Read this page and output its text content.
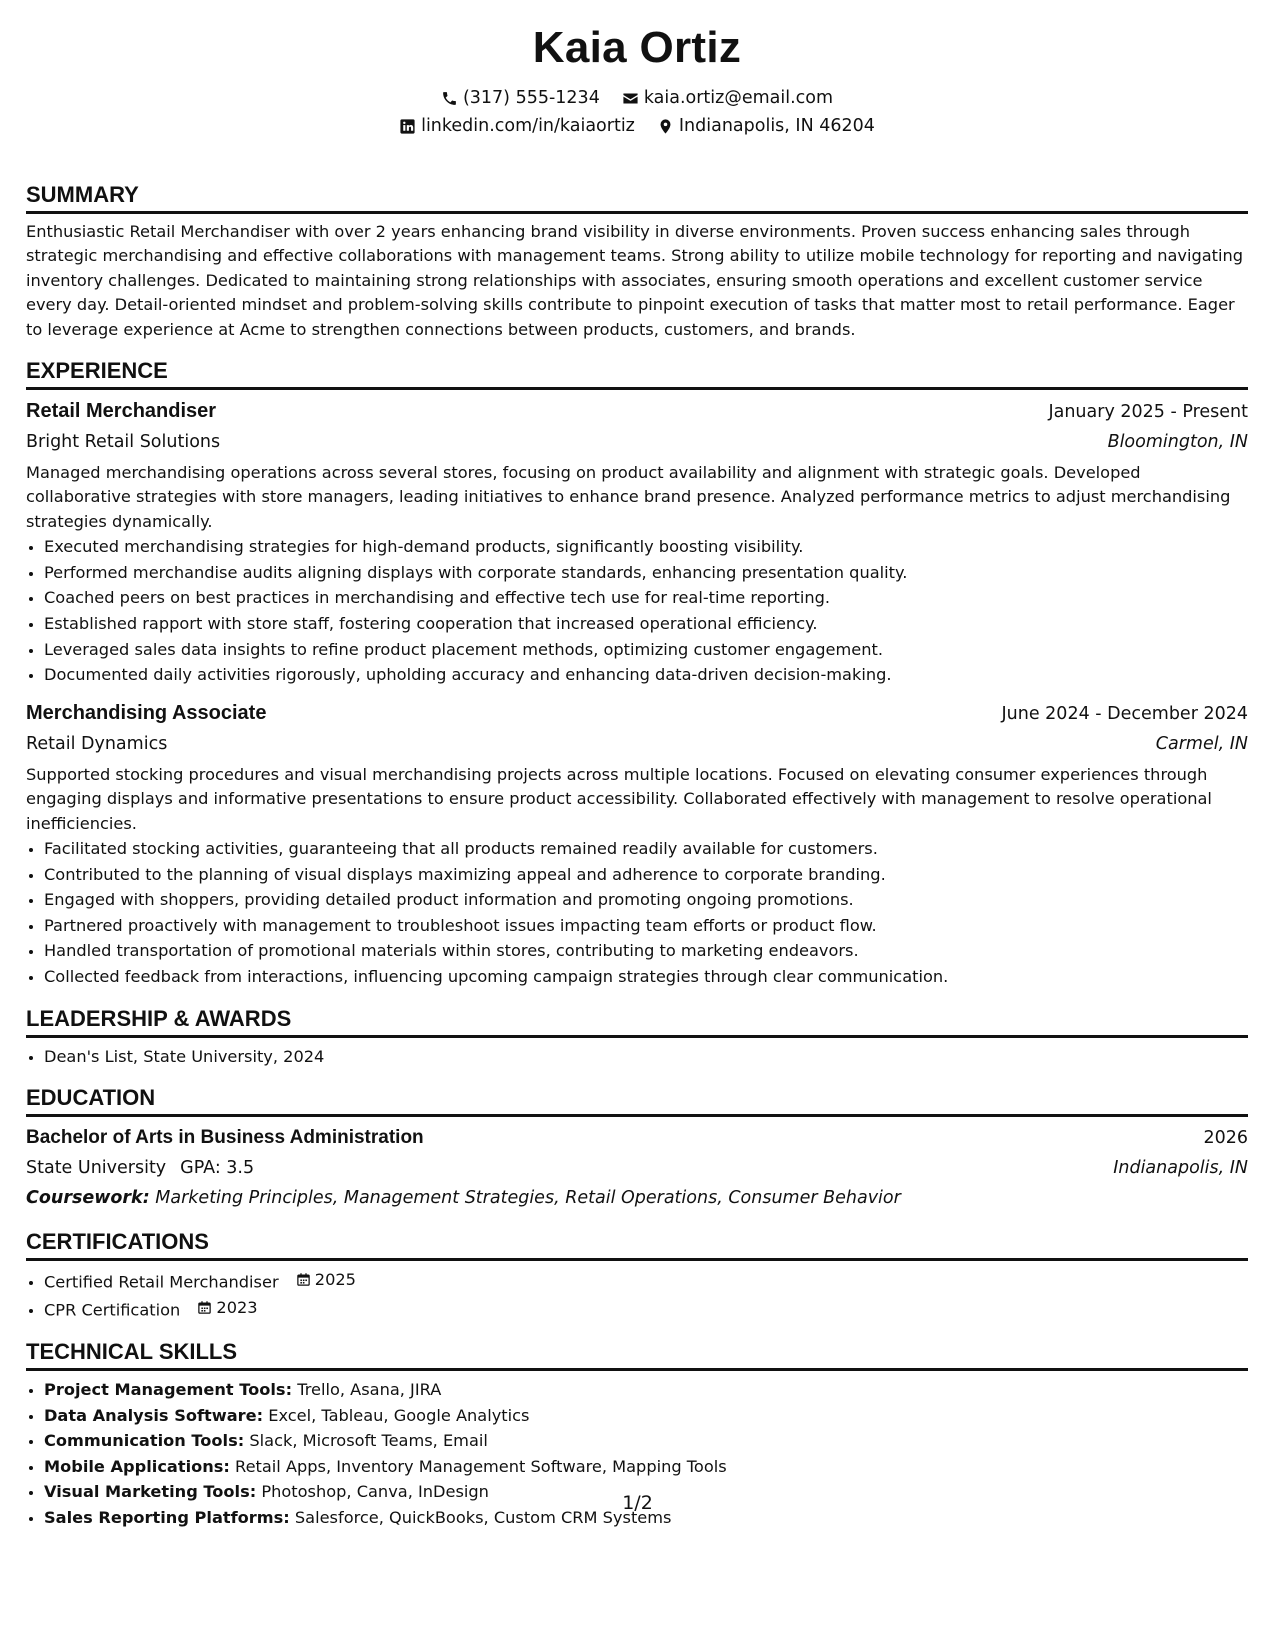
Kaia Ortiz
(317) 555-1234	kaia.ortiz@email.com
linkedin.com/in/kaiaortiz	Indianapolis, IN 46204
SUMMARY
Enthusiastic Retail Merchandiser with over 2 years enhancing brand visibility in diverse environments. Proven success enhancing sales through strategic merchandising and effective collaborations with management teams. Strong ability to utilize mobile technology for reporting and navigating inventory challenges. Dedicated to maintaining strong relationships with associates, ensuring smooth operations and excellent customer service every day. Detail-oriented mindset and problem-solving skills contribute to pinpoint execution of tasks that matter most to retail performance. Eager to leverage experience at Acme to strengthen connections between products, customers, and brands.
EXPERIENCE
Retail Merchandiser	January 2025 - Present
Bright Retail Solutions	Bloomington, IN
Managed merchandising operations across several stores, focusing on product availability and alignment with strategic goals. Developed collaborative strategies with store managers, leading initiatives to enhance brand presence. Analyzed performance metrics to adjust merchandising strategies dynamically.
• Executed merchandising strategies for high-demand products, significantly boosting visibility.
• Performed merchandise audits aligning displays with corporate standards, enhancing presentation quality.
• Coached peers on best practices in merchandising and effective tech use for real-time reporting.
• Established rapport with store staff, fostering cooperation that increased operational efficiency.
• Leveraged sales data insights to refine product placement methods, optimizing customer engagement.
• Documented daily activities rigorously, upholding accuracy and enhancing data-driven decision-making.
Merchandising Associate	June 2024 - December 2024
Retail Dynamics	Carmel, IN
Supported stocking procedures and visual merchandising projects across multiple locations. Focused on elevating consumer experiences through engaging displays and informative presentations to ensure product accessibility. Collaborated effectively with management to resolve operational inefficiencies.
• Facilitated stocking activities, guaranteeing that all products remained readily available for customers.
• Contributed to the planning of visual displays maximizing appeal and adherence to corporate branding.
• Engaged with shoppers, providing detailed product information and promoting ongoing promotions.
• Partnered proactively with management to troubleshoot issues impacting team efforts or product flow.
• Handled transportation of promotional materials within stores, contributing to marketing endeavors.
• Collected feedback from interactions, influencing upcoming campaign strategies through clear communication.
LEADERSHIP & AWARDS
• Dean's List, State University, 2024
EDUCATION
Bachelor of Arts in Business Administration	2026
State University GPA: 3.5	Indianapolis, IN
Coursework: Marketing Principles, Management Strategies, Retail Operations, Consumer Behavior
CERTIFICATIONS
• Certified Retail Merchandiser 2025
• CPR Certification 2023
TECHNICAL SKILLS
• Project Management Tools: Trello, Asana, JIRA
• Data Analysis Software: Excel, Tableau, Google Analytics
• Communication Tools: Slack, Microsoft Teams, Email
• Mobile Applications: Retail Apps, Inventory Management Software, Mapping Tools
• Visual Marketing Tools: Photoshop, Canva, InDesign
• Sales Reporting Platforms: Salesforce, QuickBooks, Custom CRM Systems
1/2
